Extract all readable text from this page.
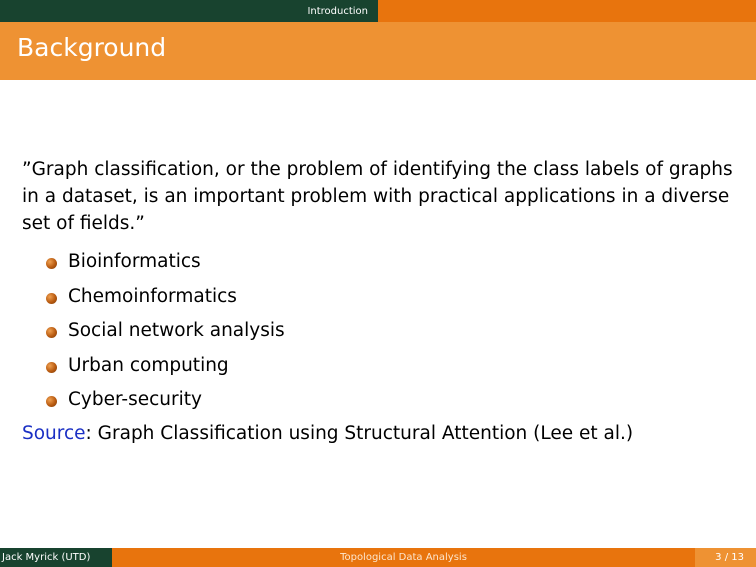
Introduction
Background

”Graph classification, or the problem of identifying the class labels of graphs in a dataset, is an important problem with practical applications in a diverse set of fields.”

Bioinformatics
Chemoinformatics
Social network analysis
Urban computing
Cyber-security

Source: Graph Classification using Structural Attention (Lee et al.)

Jack Myrick (UTD)	Topological Data Analysis	3 / 13
